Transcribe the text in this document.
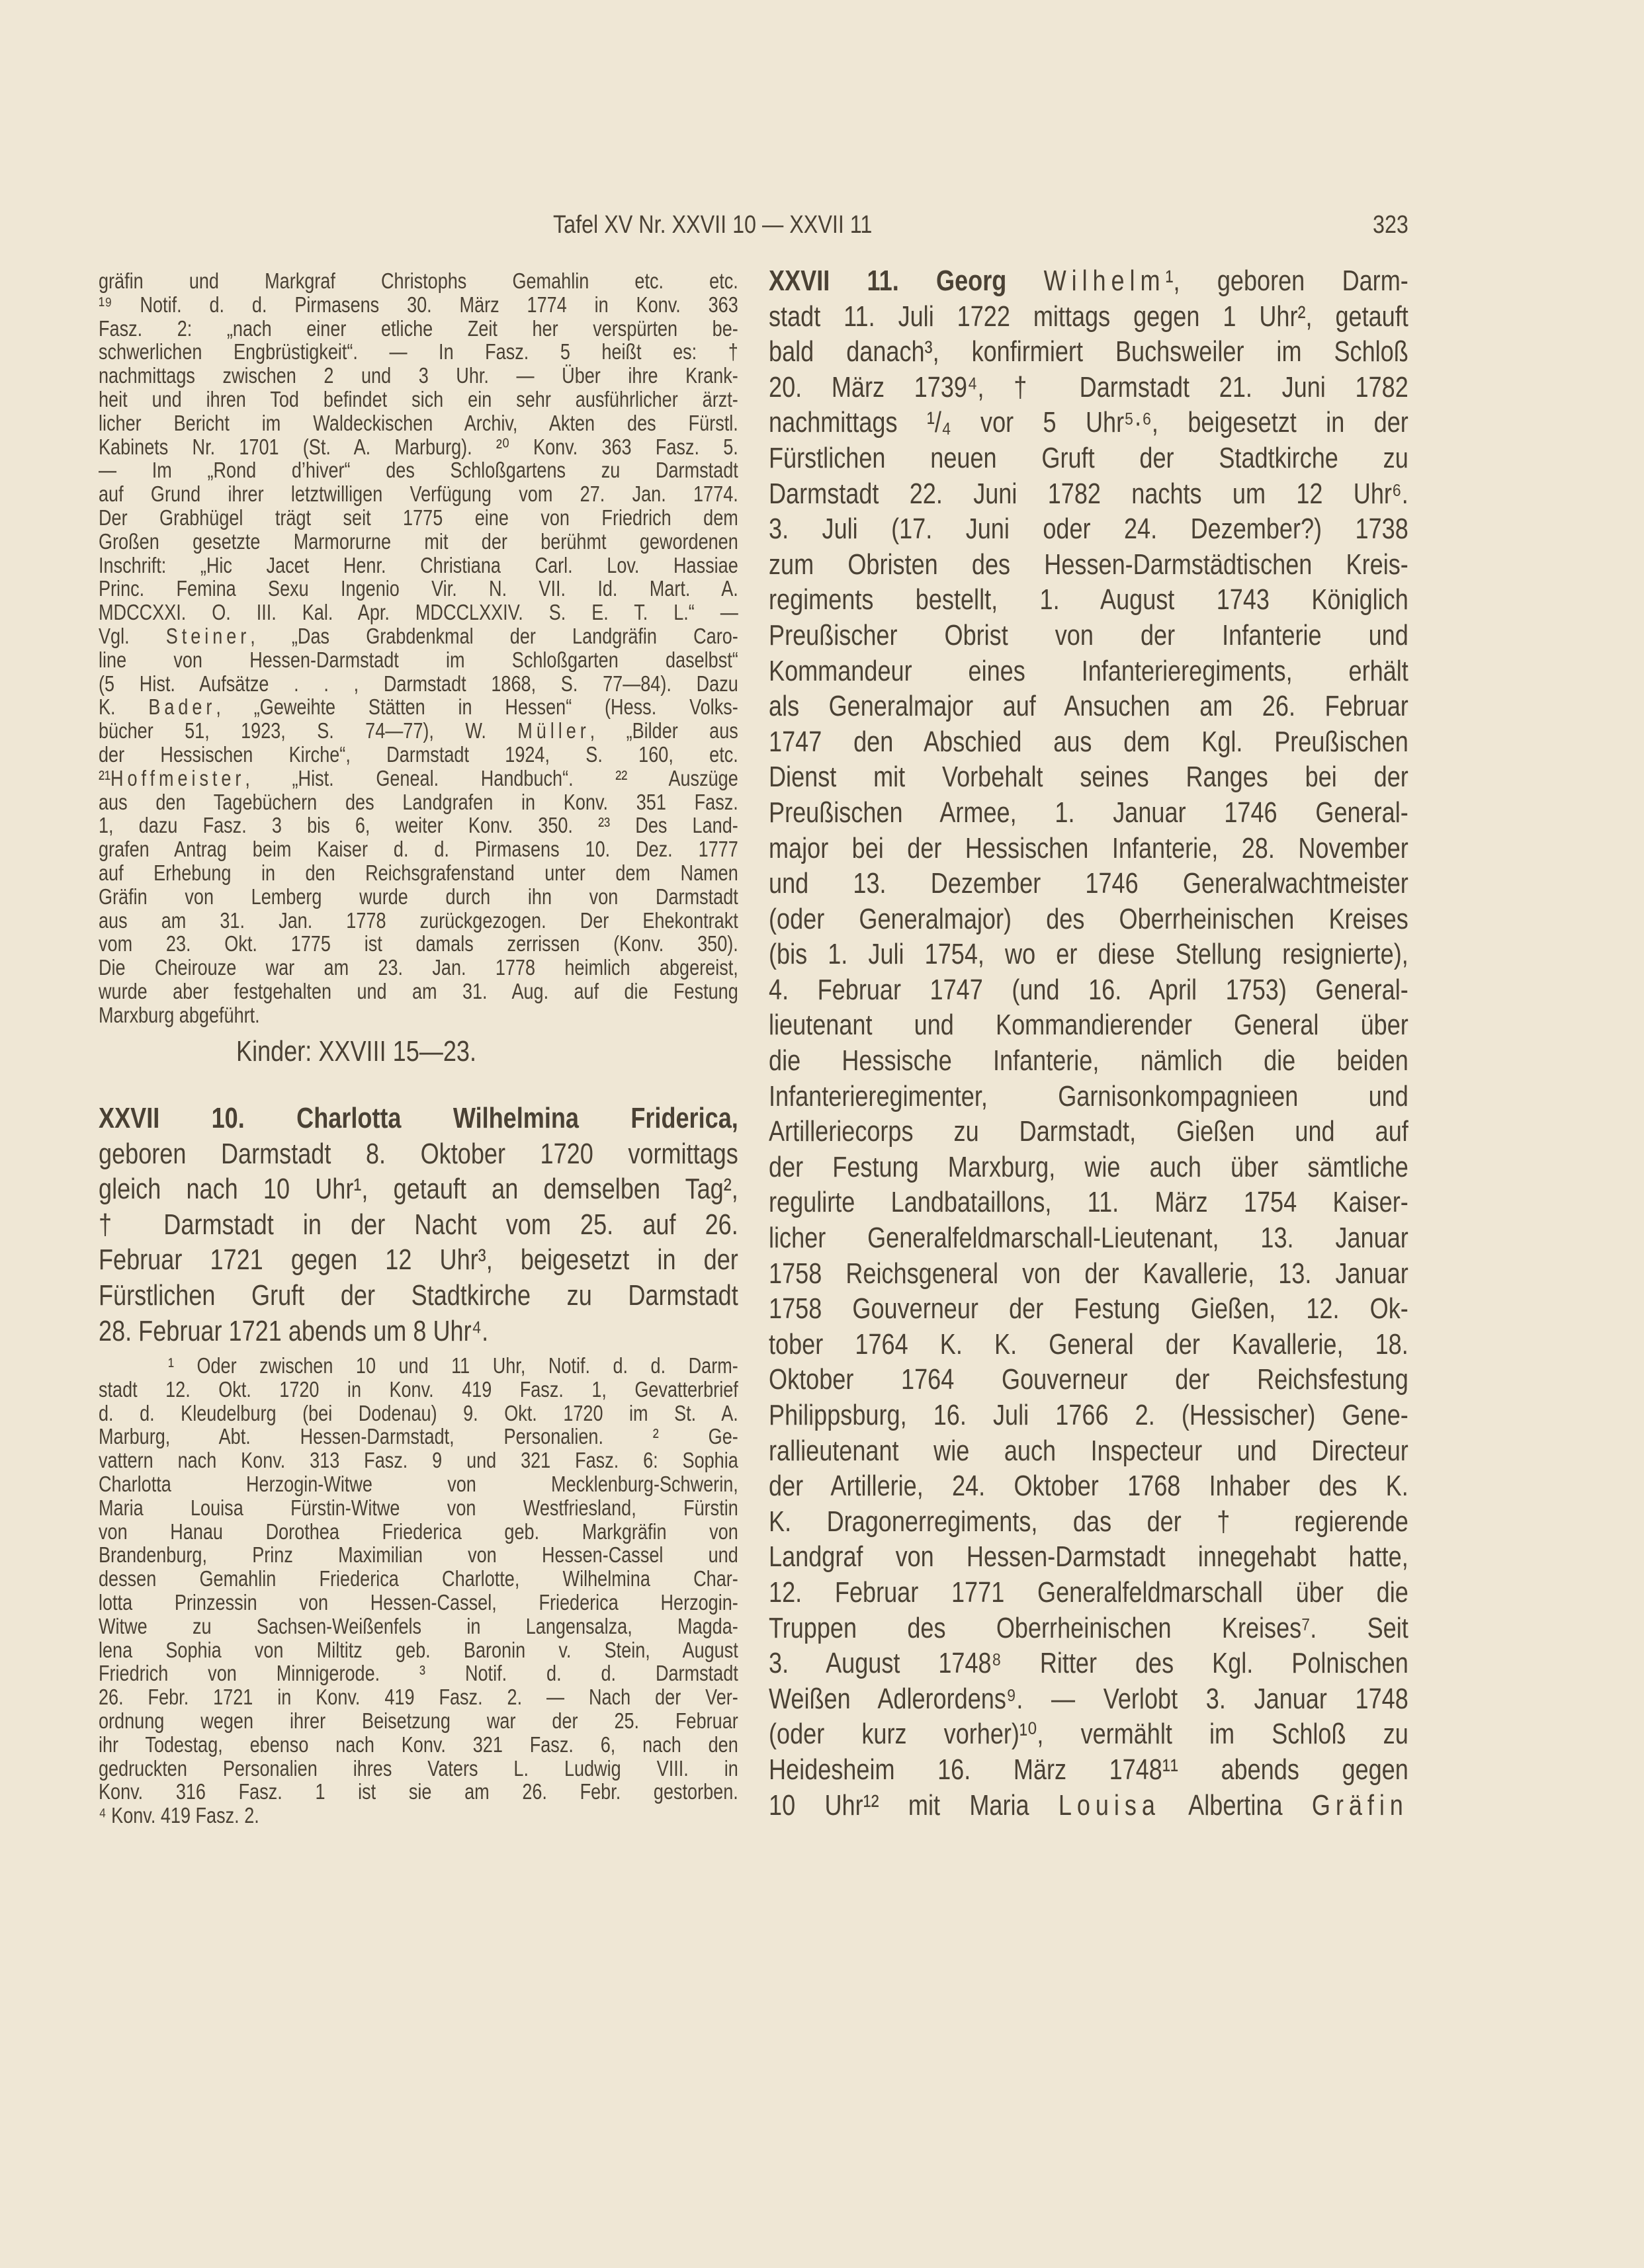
Tafel XV Nr. XXVII 10 — XXVII 11	323
gräfin und Markgraf Christophs Gemahlin etc. etc.
¹⁹ Notif. d. d. Pirmasens 30. März 1774 in Konv. 363
Fasz. 2: „nach einer etliche Zeit her verspürten be-
schwerlichen Engbrüstigkeit“. — In Fasz. 5 heißt es: †
nachmittags zwischen 2 und 3 Uhr. — Über ihre Krank-
heit und ihren Tod befindet sich ein sehr ausführlicher ärzt-
licher Bericht im Waldeckischen Archiv, Akten des Fürstl.
Kabinets Nr. 1701 (St. A. Marburg). ²⁰ Konv. 363 Fasz. 5.
— Im „Rond d’hiver“ des Schloßgartens zu Darmstadt
auf Grund ihrer letztwilligen Verfügung vom 27. Jan. 1774.
Der Grabhügel trägt seit 1775 eine von Friedrich dem
Großen gesetzte Marmorurne mit der berühmt gewordenen
Inschrift: „Hic Jacet Henr. Christiana Carl. Lov. Hassiae
Princ. Femina Sexu Ingenio Vir. N. VII. Id. Mart. A.
MDCCXXI. O. III. Kal. Apr. MDCCLXXIV. S. E. T. L.“ —
Vgl. Steiner, „Das Grabdenkmal der Landgräfin Caro-
line von Hessen-Darmstadt im Schloßgarten daselbst“
(5 Hist. Aufsätze . . , Darmstadt 1868, S. 77—84). Dazu
K. Bader, „Geweihte Stätten in Hessen“ (Hess. Volks-
bücher 51, 1923, S. 74—77), W. Müller, „Bilder aus
der Hessischen Kirche“, Darmstadt 1924, S. 160, etc.
²¹Hoffmeister, „Hist. Geneal. Handbuch“. ²² Auszüge
aus den Tagebüchern des Landgrafen in Konv. 351 Fasz.
1, dazu Fasz. 3 bis 6, weiter Konv. 350. ²³ Des Land-
grafen Antrag beim Kaiser d. d. Pirmasens 10. Dez. 1777
auf Erhebung in den Reichsgrafenstand unter dem Namen
Gräfin von Lemberg wurde durch ihn von Darmstadt
aus am 31. Jan. 1778 zurückgezogen. Der Ehekontrakt
vom 23. Okt. 1775 ist damals zerrissen (Konv. 350).
Die Cheirouze war am 23. Jan. 1778 heimlich abgereist,
wurde aber festgehalten und am 31. Aug. auf die Festung
Marxburg abgeführt.
Kinder: XXVIII 15—23.
XXVII 10. Charlotta Wilhelmina Friderica,
geboren Darmstadt 8. Oktober 1720 vormittags
gleich nach 10 Uhr¹, getauft an demselben Tag²,
† Darmstadt in der Nacht vom 25. auf 26.
Februar 1721 gegen 12 Uhr³, beigesetzt in der
Fürstlichen Gruft der Stadtkirche zu Darmstadt
28. Februar 1721 abends um 8 Uhr⁴.
¹ Oder zwischen 10 und 11 Uhr, Notif. d. d. Darm-
stadt 12. Okt. 1720 in Konv. 419 Fasz. 1, Gevatterbrief
d. d. Kleudelburg (bei Dodenau) 9. Okt. 1720 im St. A.
Marburg, Abt. Hessen-Darmstadt, Personalien. ² Ge-
vattern nach Konv. 313 Fasz. 9 und 321 Fasz. 6: Sophia
Charlotta Herzogin-Witwe von Mecklenburg-Schwerin,
Maria Louisa Fürstin-Witwe von Westfriesland, Fürstin
von Hanau Dorothea Friederica geb. Markgräfin von
Brandenburg, Prinz Maximilian von Hessen-Cassel und
dessen Gemahlin Friederica Charlotte, Wilhelmina Char-
lotta Prinzessin von Hessen-Cassel, Friederica Herzogin-
Witwe zu Sachsen-Weißenfels in Langensalza, Magda-
lena Sophia von Miltitz geb. Baronin v. Stein, August
Friedrich von Minnigerode. ³ Notif. d. d. Darmstadt
26. Febr. 1721 in Konv. 419 Fasz. 2. — Nach der Ver-
ordnung wegen ihrer Beisetzung war der 25. Februar
ihr Todestag, ebenso nach Konv. 321 Fasz. 6, nach den
gedruckten Personalien ihres Vaters L. Ludwig VIII. in
Konv. 316 Fasz. 1 ist sie am 26. Febr. gestorben.
⁴ Konv. 419 Fasz. 2.
XXVII 11. Georg Wilhelm¹, geboren Darm-
stadt 11. Juli 1722 mittags gegen 1 Uhr², getauft
bald danach³, konfirmiert Buchsweiler im Schloß
20. März 1739⁴, † Darmstadt 21. Juni 1782
nachmittags ¹/₄ vor 5 Uhr⁵·⁶, beigesetzt in der
Fürstlichen neuen Gruft der Stadtkirche zu
Darmstadt 22. Juni 1782 nachts um 12 Uhr⁶.
3. Juli (17. Juni oder 24. Dezember?) 1738
zum Obristen des Hessen-Darmstädtischen Kreis-
regiments bestellt, 1. August 1743 Königlich
Preußischer Obrist von der Infanterie und
Kommandeur eines Infanterieregiments, erhält
als Generalmajor auf Ansuchen am 26. Februar
1747 den Abschied aus dem Kgl. Preußischen
Dienst mit Vorbehalt seines Ranges bei der
Preußischen Armee, 1. Januar 1746 General-
major bei der Hessischen Infanterie, 28. November
und 13. Dezember 1746 Generalwachtmeister
(oder Generalmajor) des Oberrheinischen Kreises
(bis 1. Juli 1754, wo er diese Stellung resignierte),
4. Februar 1747 (und 16. April 1753) General-
lieutenant und Kommandierender General über
die Hessische Infanterie, nämlich die beiden
Infanterieregimenter, Garnisonkompagnieen und
Artilleriecorps zu Darmstadt, Gießen und auf
der Festung Marxburg, wie auch über sämtliche
regulirte Landbataillons, 11. März 1754 Kaiser-
licher Generalfeldmarschall-Lieutenant, 13. Januar
1758 Reichsgeneral von der Kavallerie, 13. Januar
1758 Gouverneur der Festung Gießen, 12. Ok-
tober 1764 K. K. General der Kavallerie, 18.
Oktober 1764 Gouverneur der Reichsfestung
Philippsburg, 16. Juli 1766 2. (Hessischer) Gene-
rallieutenant wie auch Inspecteur und Directeur
der Artillerie, 24. Oktober 1768 Inhaber des K.
K. Dragonerregiments, das der † regierende
Landgraf von Hessen-Darmstadt innegehabt hatte,
12. Februar 1771 Generalfeldmarschall über die
Truppen des Oberrheinischen Kreises⁷. Seit
3. August 1748⁸ Ritter des Kgl. Polnischen
Weißen Adlerordens⁹. — Verlobt 3. Januar 1748
(oder kurz vorher)¹⁰, vermählt im Schloß zu
Heidesheim 16. März 1748¹¹ abends gegen
10 Uhr¹² mit Maria Louisa Albertina Gräfin
